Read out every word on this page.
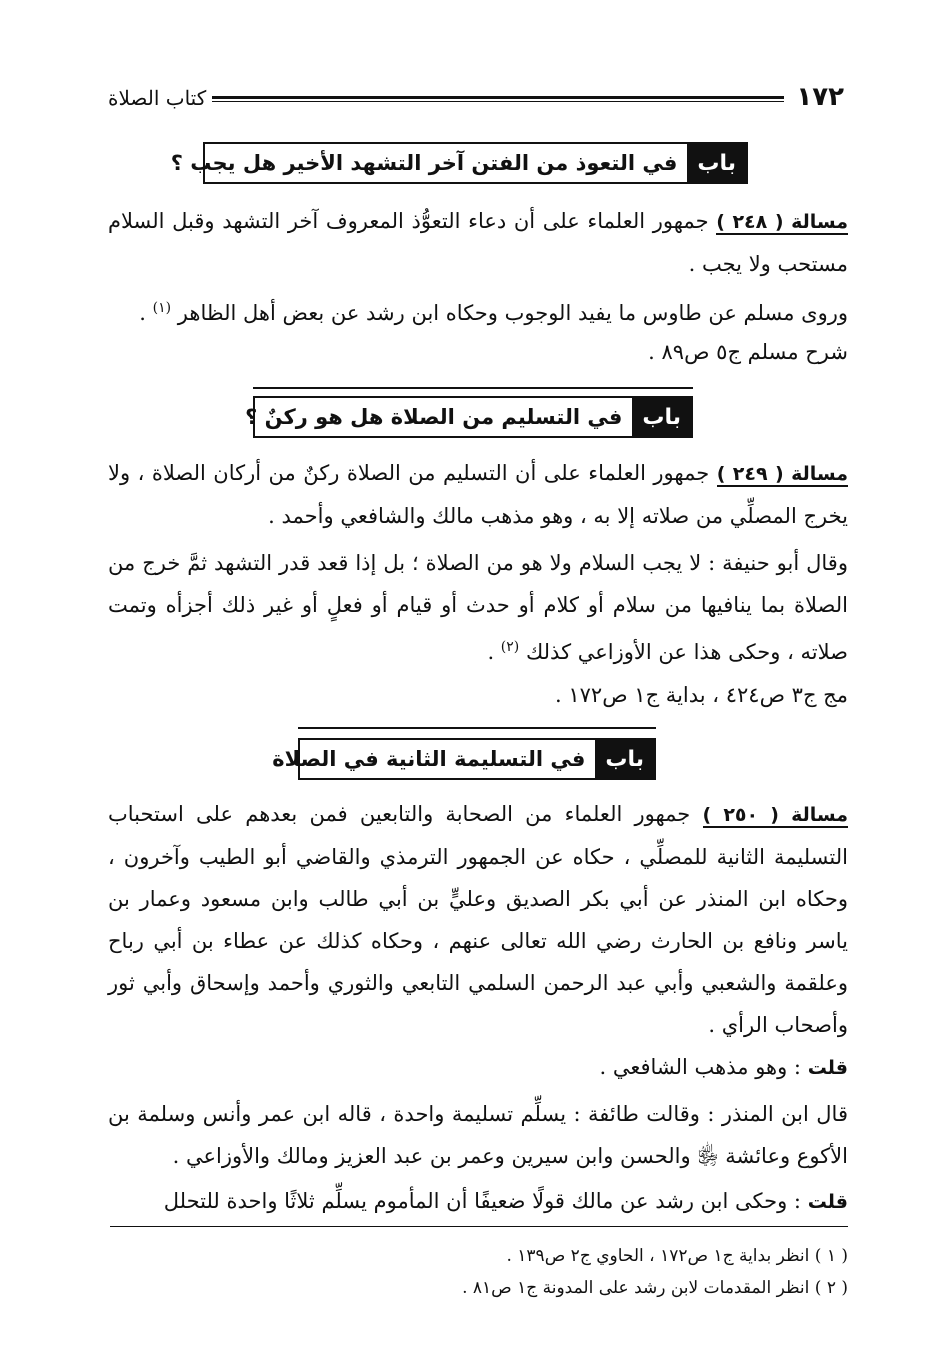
١٧٢
كتاب الصلاة
باب
في التعوذ من الفتن آخر التشهد الأخير هل يجب ؟
مسالة ( ٢٤٨ ) جمهور العلماء على أن دعاء التعوُّذ المعروف آخر التشهد وقبل السلام مستحب ولا يجب .
وروى مسلم عن طاوس ما يفيد الوجوب وحكاه ابن رشد عن بعض أهل الظاهر $^{(١)}$ .
شرح مسلم ج٥ ص٨٩ .
باب
في التسليم من الصلاة هل هو ركنٌ ؟
مسالة ( ٢٤٩ ) جمهور العلماء على أن التسليم من الصلاة ركنٌ من أركان الصلاة ، ولا يخرج المصلِّي من صلاته إلا به ، وهو مذهب مالك والشافعي وأحمد .
وقال أبو حنيفة : لا يجب السلام ولا هو من الصلاة ؛ بل إذا قعد قدر التشهد ثمَّ خرج من الصلاة بما ينافيها من سلام أو كلام أو حدث أو قيام أو فعلٍ أو غير ذلك أجزأه وتمت صلاته ، وحكى هذا عن الأوزاعي كذلك $^{(٢)}$ .
مج ج٣ ص٤٢٤ ، بداية ج١ ص١٧٢ .
باب
في التسليمة الثانية في الصلاة
مسالة ( ٢٥٠ ) جمهور العلماء من الصحابة والتابعين فمن بعدهم على استحباب التسليمة الثانية للمصلِّي ، حكاه عن الجمهور الترمذي والقاضي أبو الطيب وآخرون ، وحكاه ابن المنذر عن أبي بكر الصديق وعليٍّ بن أبي طالب وابن مسعود وعمار بن ياسر ونافع بن الحارث رضي الله تعالى عنهم ، وحكاه كذلك عن عطاء بن أبي رباح وعلقمة والشعبي وأبي عبد الرحمن السلمي التابعي والثوري وأحمد وإسحاق وأبي ثور وأصحاب الرأي .
قلت : وهو مذهب الشافعي .
قال ابن المنذر : وقالت طائفة : يسلِّم تسليمة واحدة ، قاله ابن عمر وأنس وسلمة بن الأكوع وعائشة ﵂ والحسن وابن سيرين وعمر بن عبد العزيز ومالك والأوزاعي .
قلت : وحكى ابن رشد عن مالك قولًا ضعيفًا أن المأموم يسلِّم ثلاثًا واحدة للتحلل
( ١ ) انظر بداية ج١ ص١٧٢ ، الحاوي ج٢ ص١٣٩ .
( ٢ ) انظر المقدمات لابن رشد على المدونة ج١ ص٨١ .
